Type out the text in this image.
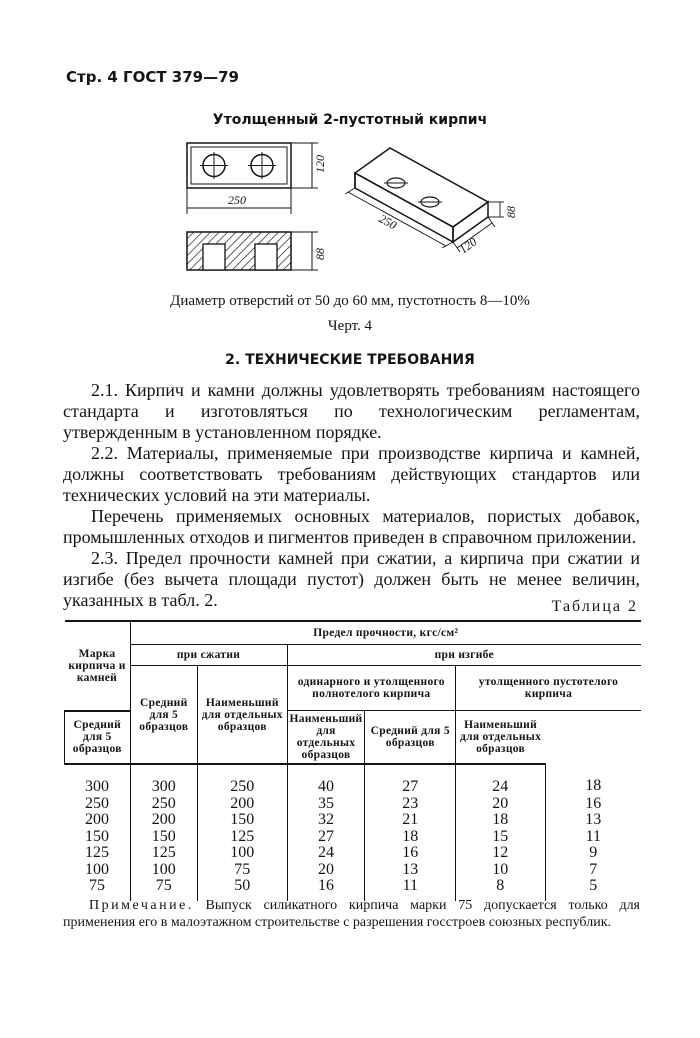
Стр. 4 ГОСТ 379—79
Утолщенный 2-пустотный кирпич
250
120
88
250
120
88
Диаметр отверстий от 50 до 60 мм, пустотность 8—10%
Черт. 4
2. ТЕХНИЧЕСКИЕ ТРЕБОВАНИЯ

2.1. Кирпич и камни должны удовлетворять требованиям настоящего стандарта и изготовляться по технологическим регламентам, утвержденным в установленном порядке.

2.2. Материалы, применяемые при производстве кирпича и камней, должны соответствовать требованиям действующих стандартов или технических условий на эти материалы.

Перечень применяемых основных материалов, пористых добавок, промышленных отходов и пигментов приведен в справочном приложении.

2.3. Предел прочности камней при сжатии, а кирпича при сжатии и изгибе (без вычета площади пустот) должен быть не менее величин, указанных в табл. 2.	Таблица 2
Марка кирпича и камней	Предел прочности, кгс/см²					
	при сжатии		при изгибе			
	Средний для 5 образцов	Наименьший для отдельных образцов	одинарного и утолщенного полнотелого кирпича		утолщенного пустотелого кирпича	
Средний для 5 образцов			Наименьший для отдельных образцов	Средний для 5 образцов	Наименьший для отдельных образцов	
300	300	250	40	27	24	18
250	250	200	35	23	20	16
200	200	150	32	21	18	13
150	150	125	27	18	15	11
125	125	100	24	16	12	9
100	100	75	20	13	10	7
75	75	50	16	11	8	5
Примечание. Выпуск силикатного кирпича марки 75 допускается только для применения его в малоэтажном строительстве с разрешения госстроев союзных республик.
